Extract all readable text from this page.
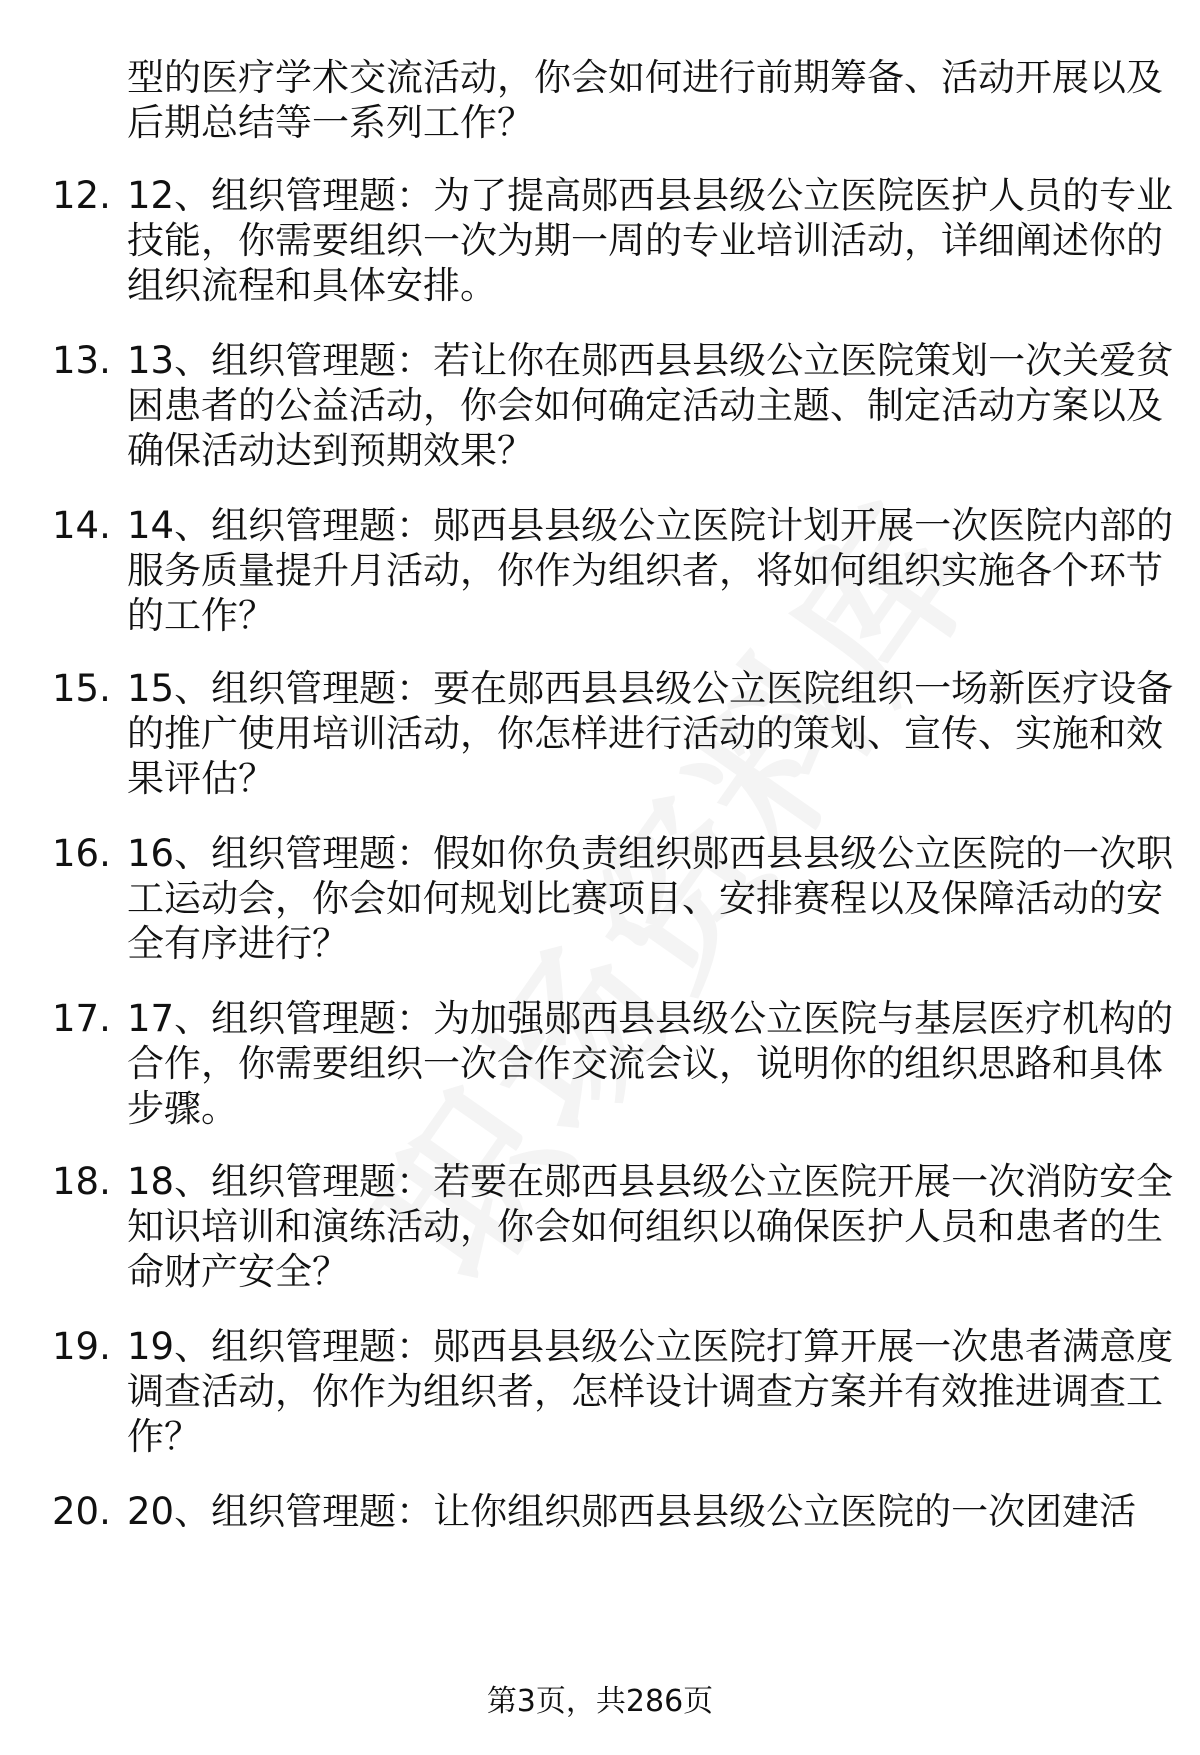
型的医疗学术交流活动，你会如何进行前期筹备、活动开展以及
后期总结等一系列工作？
12. 12、组织管理题：为了提高郧西县县级公立医院医护人员的专业
技能，你需要组织一次为期一周的专业培训活动，详细阐述你的
组织流程和具体安排。
13. 13、组织管理题：若让你在郧西县县级公立医院策划一次关爱贫
困患者的公益活动，你会如何确定活动主题、制定活动方案以及
确保活动达到预期效果？
14. 14、组织管理题：郧西县县级公立医院计划开展一次医院内部的
服务质量提升月活动，你作为组织者，将如何组织实施各个环节
的工作？
15. 15、组织管理题：要在郧西县县级公立医院组织一场新医疗设备
的推广使用培训活动，你怎样进行活动的策划、宣传、实施和效
果评估？
16. 16、组织管理题：假如你负责组织郧西县县级公立医院的一次职
工运动会，你会如何规划比赛项目、安排赛程以及保障活动的安
全有序进行？
17. 17、组织管理题：为加强郧西县县级公立医院与基层医疗机构的
合作，你需要组织一次合作交流会议，说明你的组织思路和具体
步骤。
18. 18、组织管理题：若要在郧西县县级公立医院开展一次消防安全
知识培训和演练活动，你会如何组织以确保医护人员和患者的生
命财产安全？
19. 19、组织管理题：郧西县县级公立医院打算开展一次患者满意度
调查活动，你作为组织者，怎样设计调查方案并有效推进调查工
作？
20. 20、组织管理题：让你组织郧西县县级公立医院的一次团建活
第3页，共286页
